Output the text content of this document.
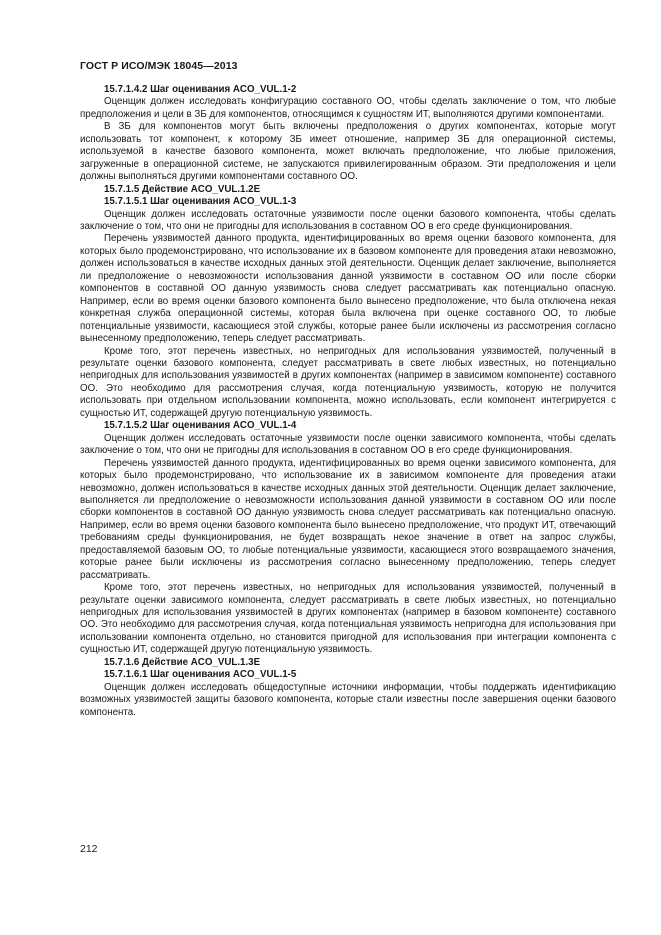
ГОСТ Р ИСО/МЭК 18045—2013

15.7.1.4.2 Шаг оценивания ACO_VUL.1-2

Оценщик должен исследовать конфигурацию составного ОО, чтобы сделать заключение о том, что любые предположения и цели в ЗБ для компонентов, относящимся к сущностям ИТ, выполняются другими компонентами.

В ЗБ для компонентов могут быть включены предположения о других компонентах, которые могут использовать тот компонент, к которому ЗБ имеет отношение, например ЗБ для операционной системы, используемой в качестве базового компонента, может включать предположение, что любые приложения, загруженные в операционной системе, не запускаются привилегированным образом. Эти предположения и цели должны выполняться другими компонентами составного ОО.

15.7.1.5 Действие ACO_VUL.1.2E

15.7.1.5.1 Шаг оценивания ACO_VUL.1-3

Оценщик должен исследовать остаточные уязвимости после оценки базового компонента, чтобы сделать заключение о том, что они не пригодны для использования в составном ОО в его среде функционирования.

Перечень уязвимостей данного продукта, идентифицированных во время оценки базового компонента, для которых было продемонстрировано, что использование их в базовом компоненте для проведения атаки невозможно, должен использоваться в качестве исходных данных этой деятельности. Оценщик делает заключение, выполняется ли предположение о невозможности использования данной уязвимости в составном ОО или после сборки компонентов в составной ОО данную уязвимость снова следует рассматривать как потенциально опасную. Например, если во время оценки базового компонента было вынесено предположение, что была отключена некая конкретная служба операционной системы, которая была включена при оценке составного ОО, то любые потенциальные уязвимости, касающиеся этой службы, которые ранее были исключены из рассмотрения согласно вынесенному предположению, теперь следует рассматривать.

Кроме того, этот перечень известных, но непригодных для использования уязвимостей, полученный в результате оценки базового компонента, следует рассматривать в свете любых известных, но потенциально непригодных для использования уязвимостей в других компонентах (например в зависимом компоненте) составного ОО. Это необходимо для рассмотрения случая, когда потенциальную уязвимость, которую не получится использовать при отдельном использовании компонента, можно использовать, если компонент интегрируется с сущностью ИТ, содержащей другую потенциальную уязвимость.

15.7.1.5.2 Шаг оценивания ACO_VUL.1-4

Оценщик должен исследовать остаточные уязвимости после оценки зависимого компонента, чтобы сделать заключение о том, что они не пригодны для использования в составном ОО в его среде функционирования.

Перечень уязвимостей данного продукта, идентифицированных во время оценки зависимого компонента, для которых было продемонстрировано, что использование их в зависимом компоненте для проведения атаки невозможно, должен использоваться в качестве исходных данных этой деятельности. Оценщик делает заключение, выполняется ли предположение о невозможности использования данной уязвимости в составном ОО или после сборки компонентов в составной ОО данную уязвимость снова следует рассматривать как потенциально опасную. Например, если во время оценки базового компонента было вынесено предположение, что продукт ИТ, отвечающий требованиям среды функционирования, не будет возвращать некое значение в ответ на запрос службы, предоставляемой базовым ОО, то любые потенциальные уязвимости, касающиеся этого возвращаемого значения, которые ранее были исключены из рассмотрения согласно вынесенному предположению, теперь следует рассматривать.

Кроме того, этот перечень известных, но непригодных для использования уязвимостей, полученный в результате оценки зависимого компонента, следует рассматривать в свете любых известных, но потенциально непригодных для использования уязвимостей в других компонентах (например в базовом компоненте) составного ОО. Это необходимо для рассмотрения случая, когда потенциальная уязвимость непригодна для использования при использовании компонента отдельно, но становится пригодной для использования при интеграции компонента с сущностью ИТ, содержащей другую потенциальную уязвимость.

15.7.1.6 Действие ACO_VUL.1.3E

15.7.1.6.1 Шаг оценивания ACO_VUL.1-5

Оценщик должен исследовать общедоступные источники информации, чтобы поддержать идентификацию возможных уязвимостей защиты базового компонента, которые стали известны после завершения оценки базового компонента.

212
